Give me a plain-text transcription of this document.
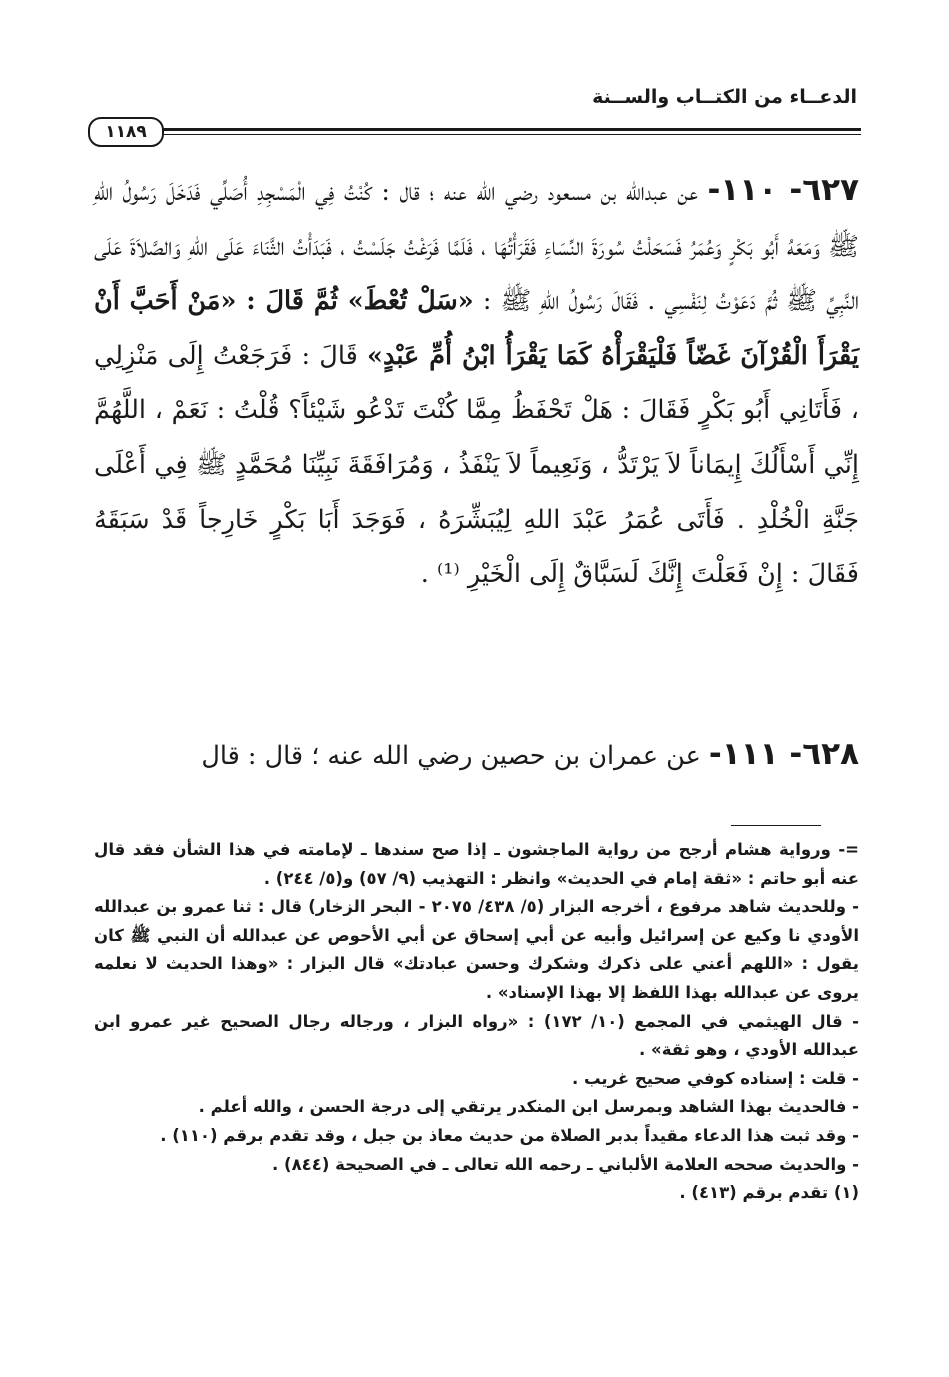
الدعــاء من الكتــاب والســنة
١١٨٩
٦٢٧- ١١٠- عن عبدالله بن مسعود رضي الله عنه ؛ قال : كُنْتُ فِي الْمَسْجِدِ أُصَلِّي فَدَخَلَ رَسُولُ اللهِ ﷺ وَمَعَهُ أَبُو بَكْرٍ وَعُمَرُ فَسَحَلْتُ سُورَةَ النِّسَاءِ فَقَرَأْتُهَا ، فَلَمَّا فَرَغْتُ جَلَسْتُ ، فَبَدَأْتُ الثَّنَاءَ عَلَى اللهِ وَالصَّلاَةَ عَلَى النَّبِيِّ ﷺ ثُمَّ دَعَوْتُ لِنَفْسِي . فَقَالَ رَسُولُ اللهِ ﷺ : «سَلْ تُعْطَ» ثُمَّ قَالَ : «مَنْ أَحَبَّ أَنْ يَقْرَأَ الْقُرْآنَ غَضّاً فَلْيَقْرَأْهُ كَمَا يَقْرَأُ ابْنُ أُمِّ عَبْدٍ» قَالَ : فَرَجَعْتُ إِلَى مَنْزِلِي ، فَأَتَانِي أَبُو بَكْرٍ فَقَالَ : هَلْ تَحْفَظُ مِمَّا كُنْتَ تَدْعُو شَيْئاً؟ قُلْتُ : نَعَمْ ، اللَّهُمَّ إِنِّي أَسْأَلُكَ إِيمَاناً لاَ يَرْتَدُّ ، وَنَعِيماً لاَ يَنْفَذُ ، وَمُرَافَقَةَ نَبِيِّنَا مُحَمَّدٍ ﷺ فِي أَعْلَى جَنَّةِ الْخُلْدِ . فَأَتَى عُمَرُ عَبْدَ اللهِ لِيُبَشِّرَهُ ، فَوَجَدَ أَبَا بَكْرٍ خَارِجاً قَدْ سَبَقَهُ فَقَالَ : إِنْ فَعَلْتَ إِنَّكَ لَسَبَّاقٌ إِلَى الْخَيْرِ ⁽¹⁾ .
٦٢٨- ١١١- عن عمران بن حصين رضي الله عنه ؛ قال : قال

=- ورواية هشام أرجح من رواية الماجشون ـ إذا صح سندها ـ لإمامته في هذا الشأن فقد قال عنه أبو حاتم : «ثقة إمام في الحديث» وانظر : التهذيب (٩/ ٥٧) و(٥/ ٢٤٤) .

- وللحديث شاهد مرفوع ، أخرجه البزار (٥/ ٤٣٨/ ٢٠٧٥ - البحر الزخار) قال : ثنا عمرو بن عبدالله الأودي نا وكيع عن إسرائيل وأبيه عن أبي إسحاق عن أبي الأحوص عن عبدالله أن النبي ﷺ كان يقول : «اللهم أعني على ذكرك وشكرك وحسن عبادتك» قال البزار : «وهذا الحديث لا نعلمه يروى عن عبدالله بهذا اللفظ إلا بهذا الإسناد» .

- قال الهيثمي في المجمع (١٠/ ١٧٢) : «رواه البزار ، ورجاله رجال الصحيح غير عمرو ابن عبدالله الأودي ، وهو ثقة» .

- قلت : إسناده كوفي صحيح غريب .

- فالحديث بهذا الشاهد وبمرسل ابن المنكدر يرتقي إلى درجة الحسن ، والله أعلم .

- وقد ثبت هذا الدعاء مقيداً بدبر الصلاة من حديث معاذ بن جبل ، وقد تقدم برقم (١١٠) .

- والحديث صححه العلامة الألباني ـ رحمه الله تعالى ـ في الصحيحة (٨٤٤) .

(١) تقدم برقم (٤١٣) .
